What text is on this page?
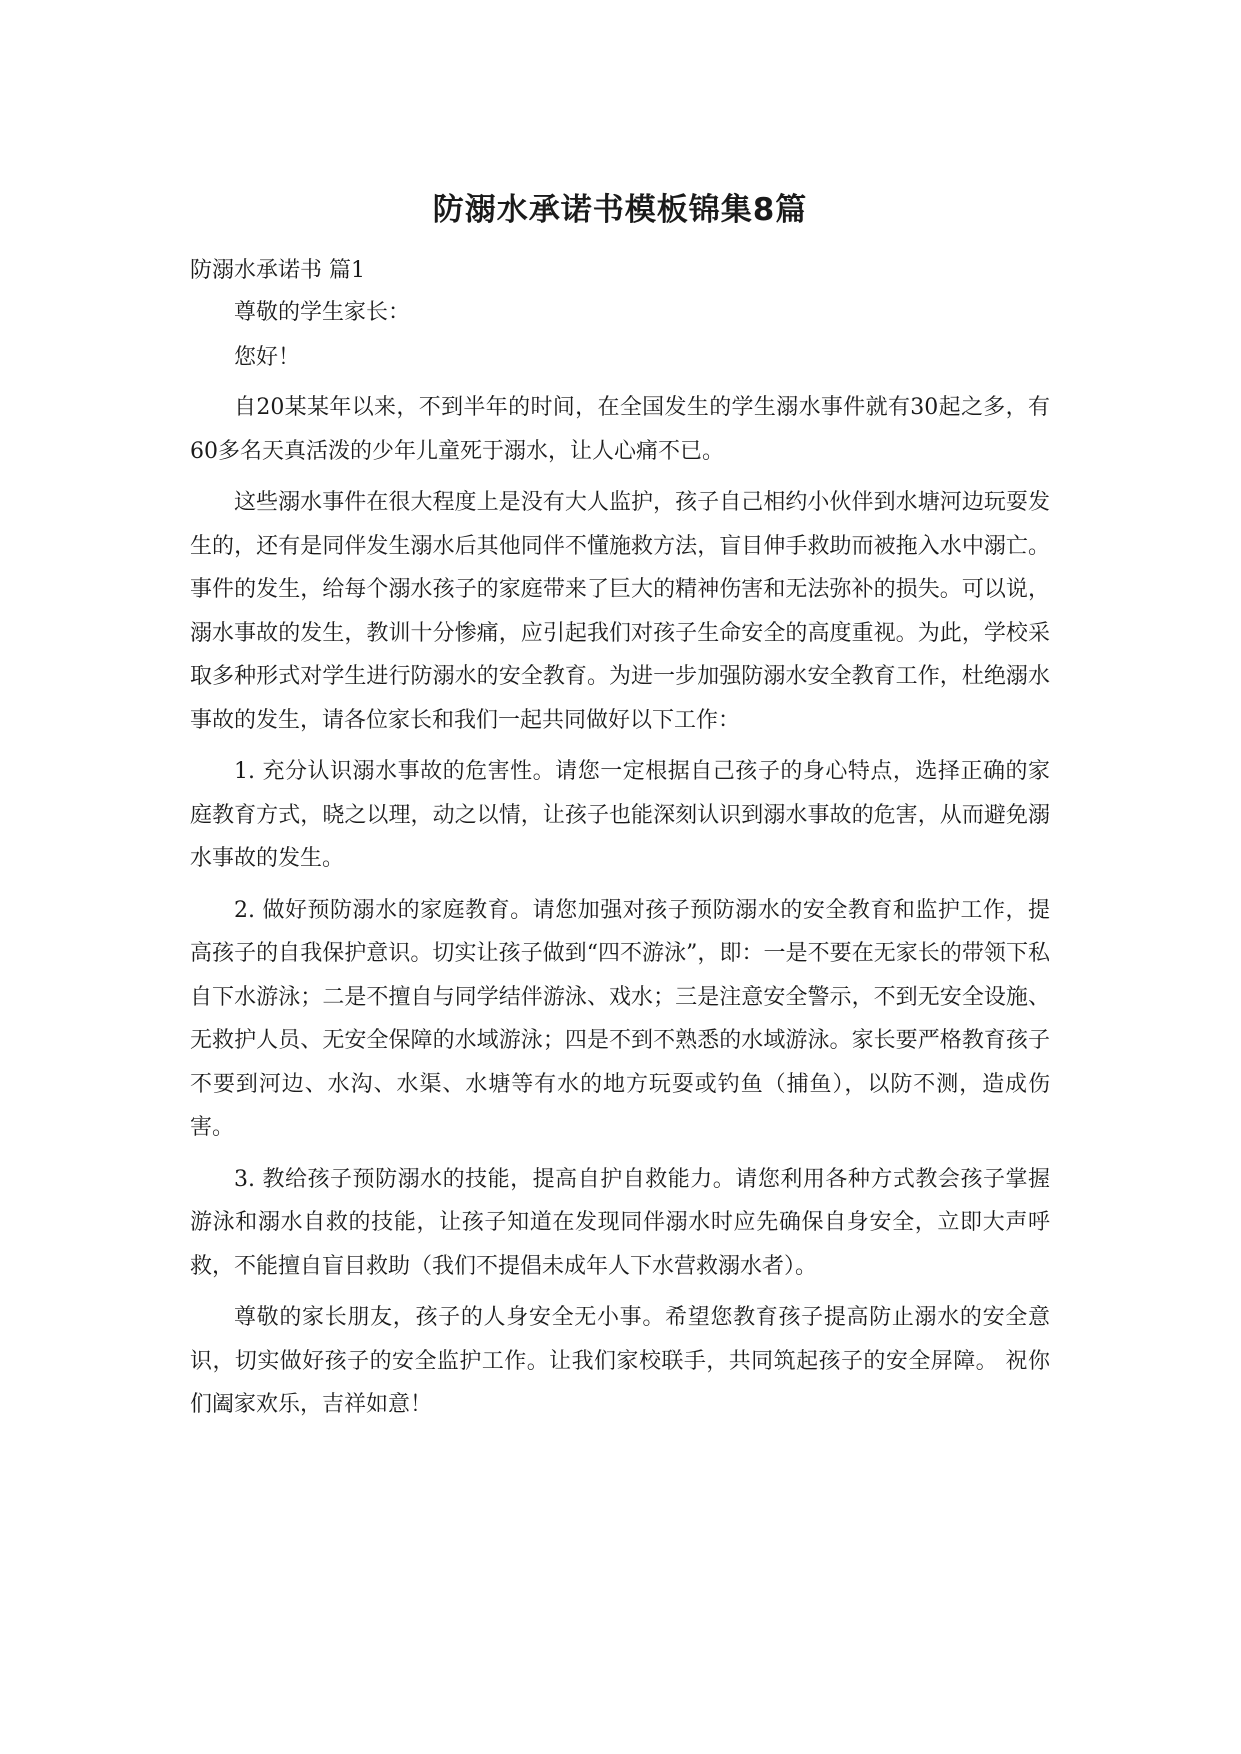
防溺水承诺书模板锦集8篇

防溺水承诺书 篇1

尊敬的学生家长：

您好！

自20某某年以来，不到半年的时间，在全国发生的学生溺水事件就有30起之多，有60多名天真活泼的少年儿童死于溺水，让人心痛不已。

这些溺水事件在很大程度上是没有大人监护，孩子自己相约小伙伴到水塘河边玩耍发生的，还有是同伴发生溺水后其他同伴不懂施救方法，盲目伸手救助而被拖入水中溺亡。事件的发生，给每个溺水孩子的家庭带来了巨大的精神伤害和无法弥补的损失。可以说，溺水事故的发生，教训十分惨痛，应引起我们对孩子生命安全的高度重视。为此，学校采取多种形式对学生进行防溺水的安全教育。为进一步加强防溺水安全教育工作，杜绝溺水事故的发生，请各位家长和我们一起共同做好以下工作：

1. 充分认识溺水事故的危害性。请您一定根据自己孩子的身心特点，选择正确的家庭教育方式，晓之以理，动之以情，让孩子也能深刻认识到溺水事故的危害，从而避免溺水事故的发生。

2. 做好预防溺水的家庭教育。请您加强对孩子预防溺水的安全教育和监护工作，提高孩子的自我保护意识。切实让孩子做到“四不游泳”，即：一是不要在无家长的带领下私自下水游泳；二是不擅自与同学结伴游泳、戏水；三是注意安全警示，不到无安全设施、无救护人员、无安全保障的水域游泳；四是不到不熟悉的水域游泳。家长要严格教育孩子不要到河边、水沟、水渠、水塘等有水的地方玩耍或钓鱼（捕鱼），以防不测，造成伤害。

3. 教给孩子预防溺水的技能，提高自护自救能力。请您利用各种方式教会孩子掌握游泳和溺水自救的技能，让孩子知道在发现同伴溺水时应先确保自身安全，立即大声呼救，不能擅自盲目救助（我们不提倡未成年人下水营救溺水者）。

尊敬的家长朋友，孩子的人身安全无小事。希望您教育孩子提高防止溺水的安全意识，切实做好孩子的安全监护工作。让我们家校联手，共同筑起孩子的安全屏障。 祝你们阖家欢乐，吉祥如意！
